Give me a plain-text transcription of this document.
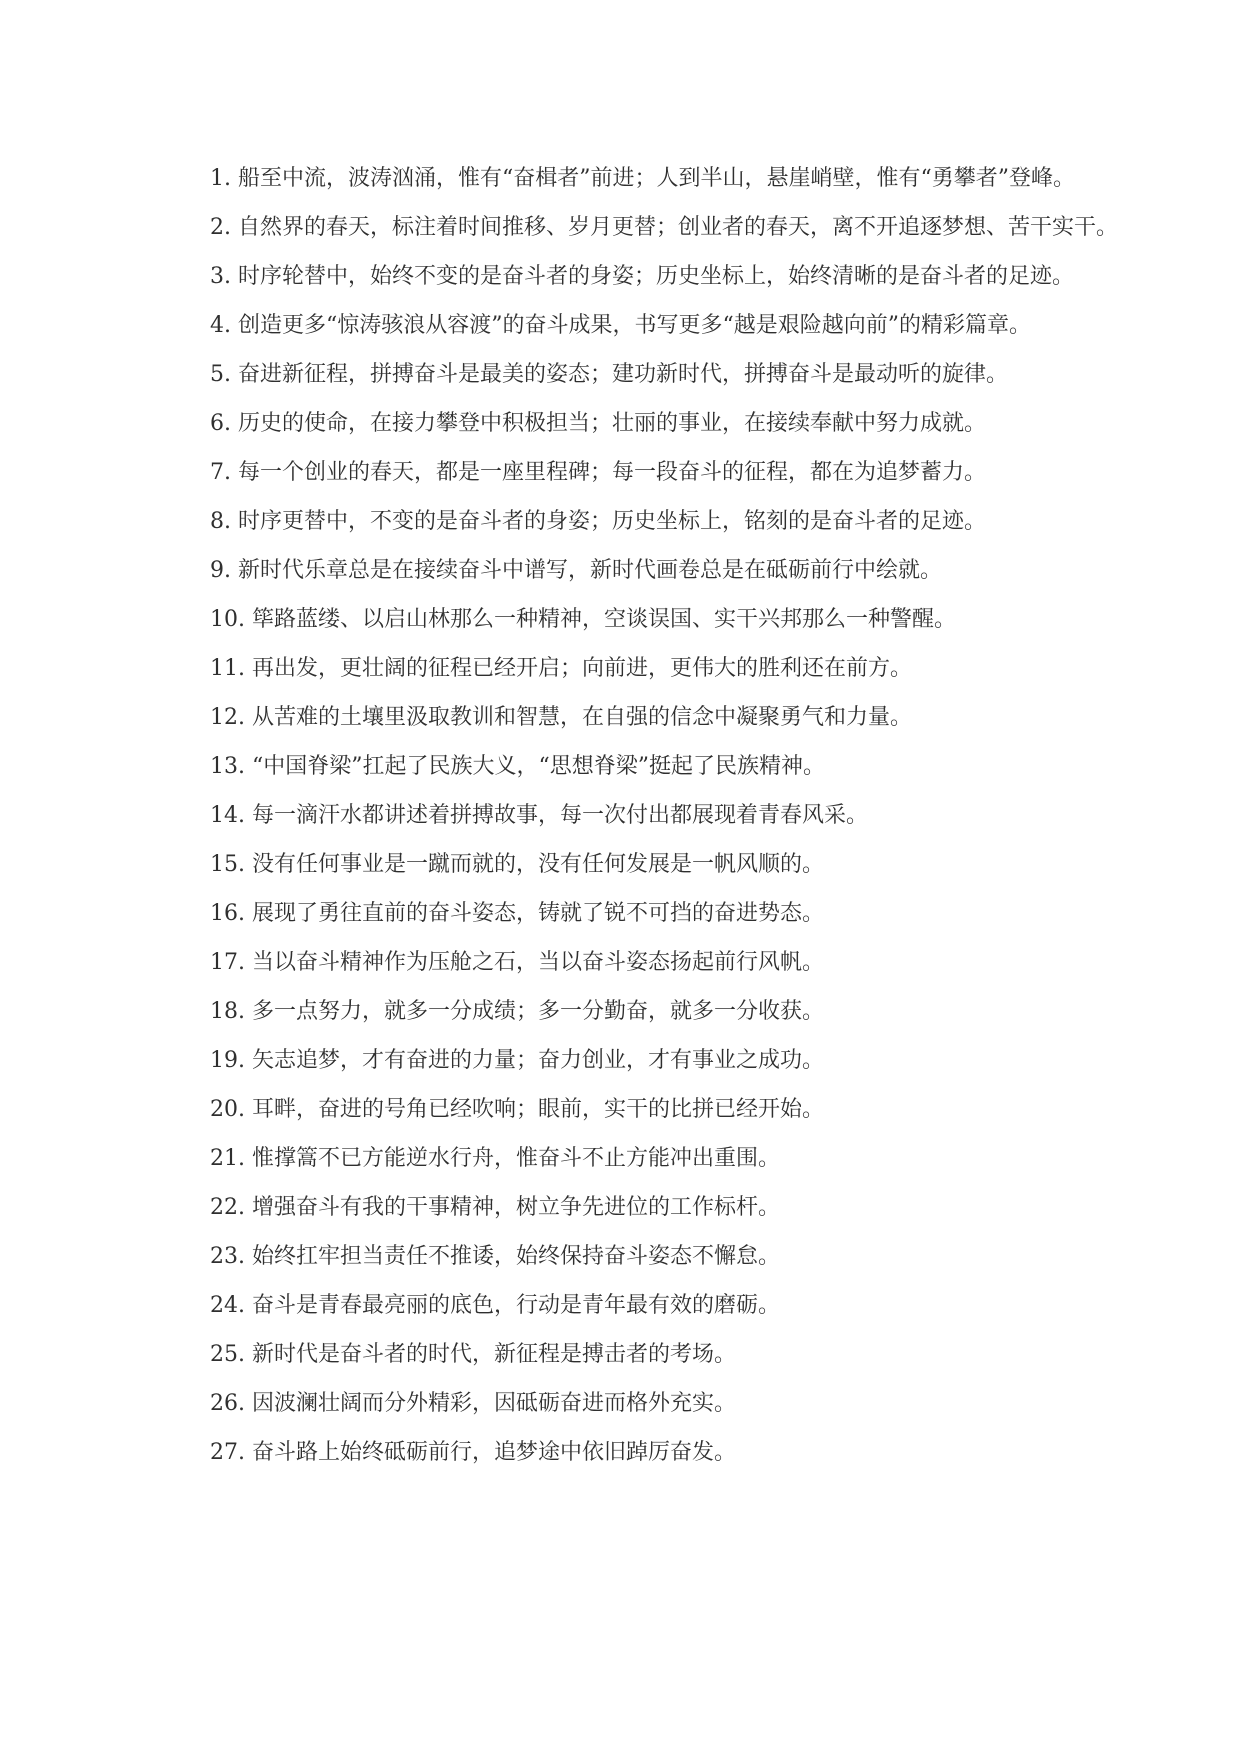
1. 船至中流，波涛汹涌，惟有“奋楫者”前进；人到半山，悬崖峭壁，惟有“勇攀者”登峰。

2. 自然界的春天，标注着时间推移、岁月更替；创业者的春天，离不开追逐梦想、苦干实干。

3. 时序轮替中，始终不变的是奋斗者的身姿；历史坐标上，始终清晰的是奋斗者的足迹。

4. 创造更多“惊涛骇浪从容渡”的奋斗成果，书写更多“越是艰险越向前”的精彩篇章。

5. 奋进新征程，拼搏奋斗是最美的姿态；建功新时代，拼搏奋斗是最动听的旋律。

6. 历史的使命，在接力攀登中积极担当；壮丽的事业，在接续奉献中努力成就。

7. 每一个创业的春天，都是一座里程碑；每一段奋斗的征程，都在为追梦蓄力。

8. 时序更替中，不变的是奋斗者的身姿；历史坐标上，铭刻的是奋斗者的足迹。

9. 新时代乐章总是在接续奋斗中谱写，新时代画卷总是在砥砺前行中绘就。

10. 筚路蓝缕、以启山林那么一种精神，空谈误国、实干兴邦那么一种警醒。

11. 再出发，更壮阔的征程已经开启；向前进，更伟大的胜利还在前方。

12. 从苦难的土壤里汲取教训和智慧，在自强的信念中凝聚勇气和力量。

13. “中国脊梁”扛起了民族大义，“思想脊梁”挺起了民族精神。

14. 每一滴汗水都讲述着拼搏故事，每一次付出都展现着青春风采。

15. 没有任何事业是一蹴而就的，没有任何发展是一帆风顺的。

16. 展现了勇往直前的奋斗姿态，铸就了锐不可挡的奋进势态。

17. 当以奋斗精神作为压舱之石，当以奋斗姿态扬起前行风帆。

18. 多一点努力，就多一分成绩；多一分勤奋，就多一分收获。

19. 矢志追梦，才有奋进的力量；奋力创业，才有事业之成功。

20. 耳畔，奋进的号角已经吹响；眼前，实干的比拼已经开始。

21. 惟撑篙不已方能逆水行舟，惟奋斗不止方能冲出重围。

22. 增强奋斗有我的干事精神，树立争先进位的工作标杆。

23. 始终扛牢担当责任不推诿，始终保持奋斗姿态不懈怠。

24. 奋斗是青春最亮丽的底色，行动是青年最有效的磨砺。

25. 新时代是奋斗者的时代，新征程是搏击者的考场。

26. 因波澜壮阔而分外精彩，因砥砺奋进而格外充实。

27. 奋斗路上始终砥砺前行，追梦途中依旧踔厉奋发。
